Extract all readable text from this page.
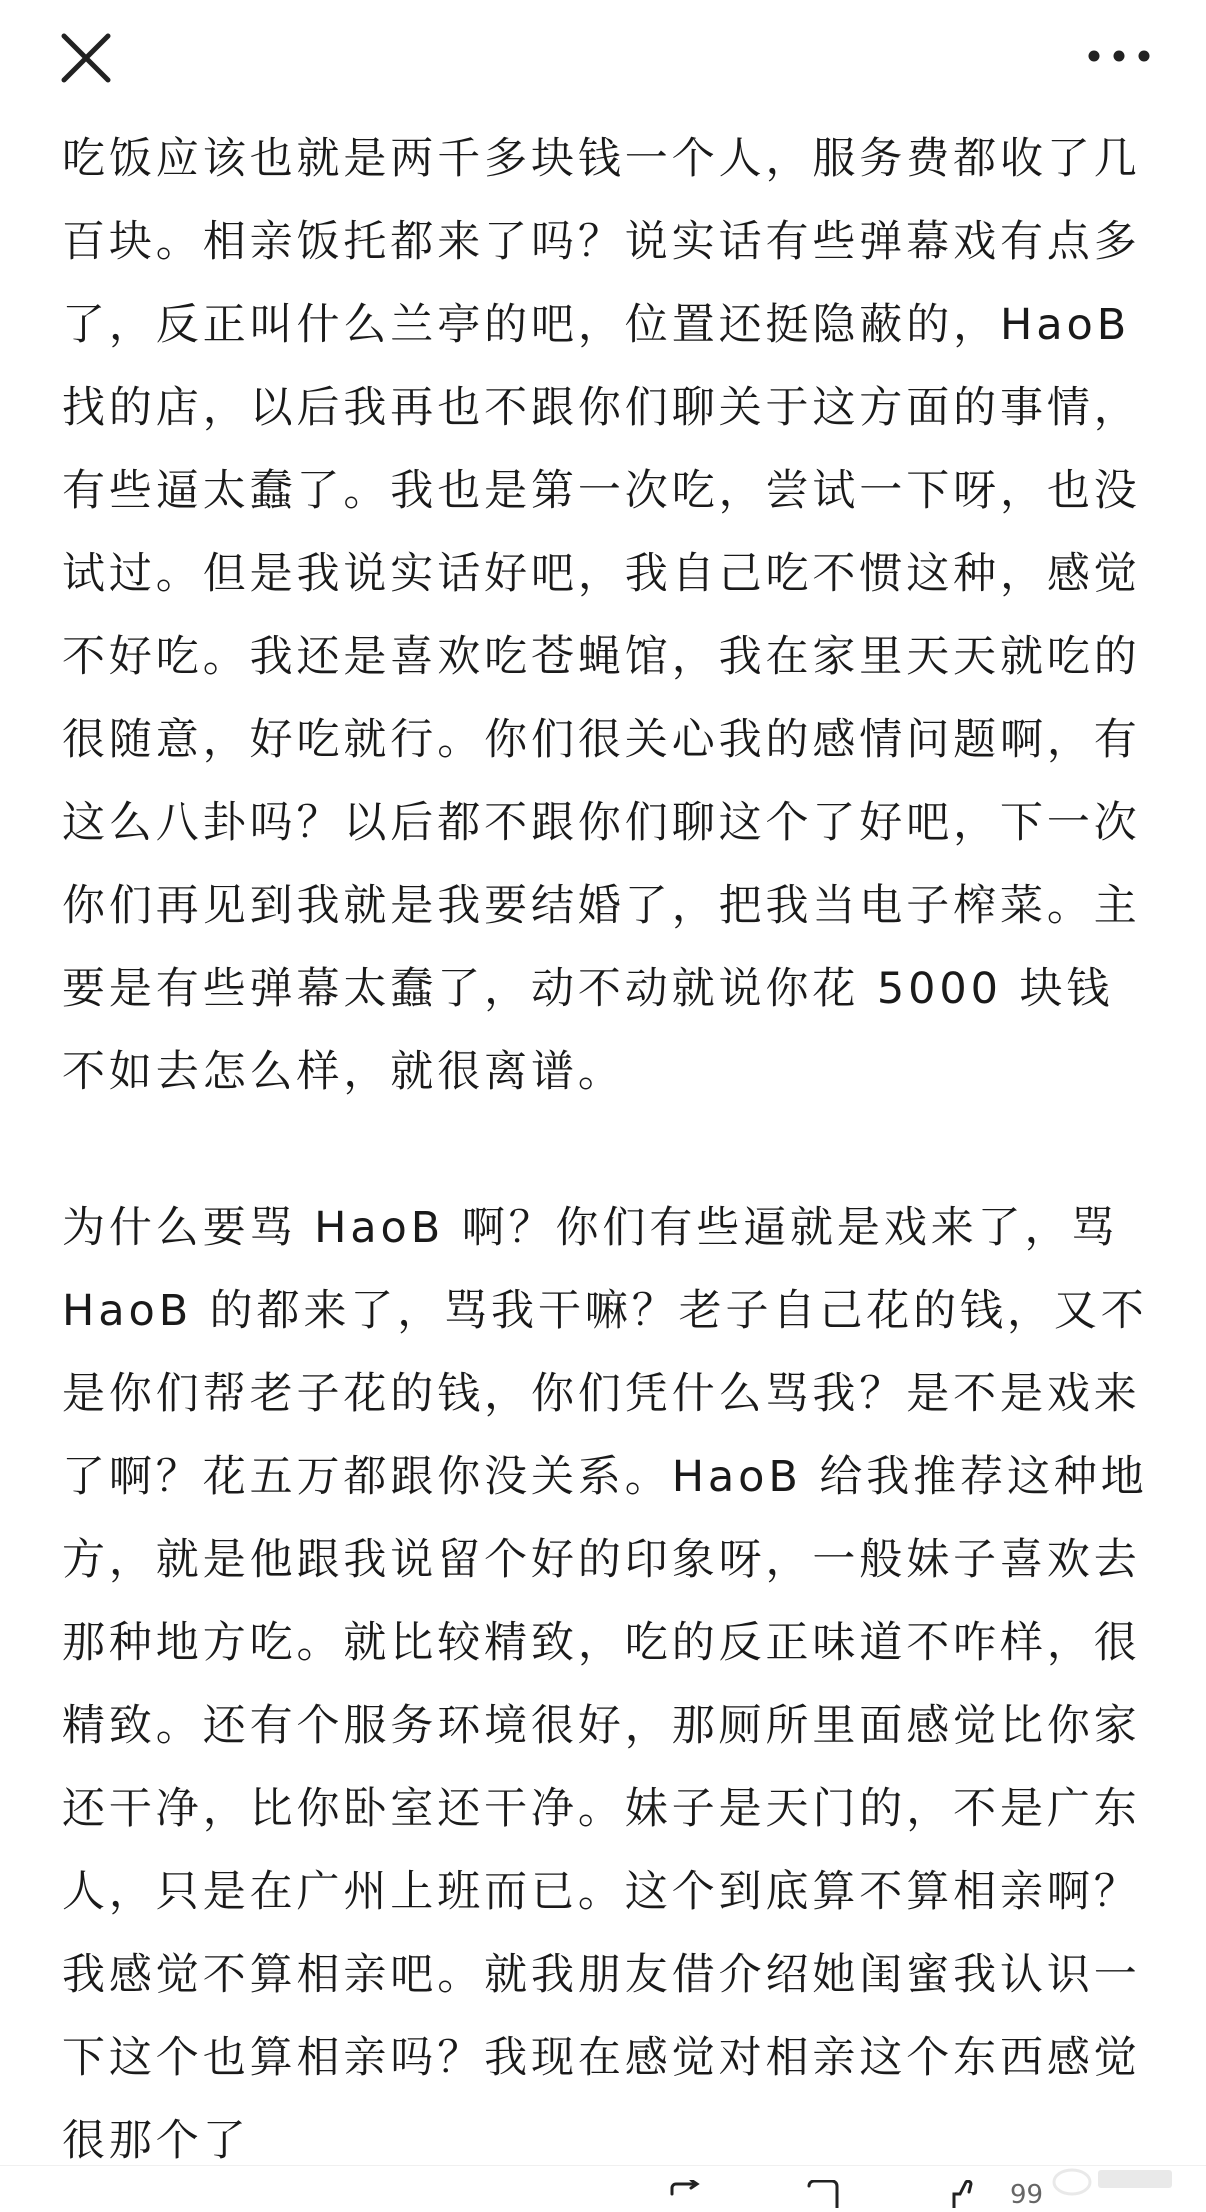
吃饭应该也就是两千多块钱一个人，服务费都收了几百块。相亲饭托都来了吗？说实话有些弹幕戏有点多了，反正叫什么兰亭的吧，位置还挺隐蔽的，HaoB 找的店，以后我再也不跟你们聊关于这方面的事情，有些逼太蠢了。我也是第一次吃，尝试一下呀，也没试过。但是我说实话好吧，我自己吃不惯这种，感觉不好吃。我还是喜欢吃苍蝇馆，我在家里天天就吃的很随意，好吃就行。你们很关心我的感情问题啊，有这么八卦吗？以后都不跟你们聊这个了好吧，下一次你们再见到我就是我要结婚了，把我当电子榨菜。主要是有些弹幕太蠢了，动不动就说你花 5000 块钱不如去怎么样，就很离谱。

为什么要骂 HaoB 啊？你们有些逼就是戏来了，骂 HaoB 的都来了，骂我干嘛？老子自己花的钱，又不是你们帮老子花的钱，你们凭什么骂我？是不是戏来了啊？花五万都跟你没关系。HaoB 给我推荐这种地方，就是他跟我说留个好的印象呀，一般妹子喜欢去那种地方吃。就比较精致，吃的反正味道不咋样，很精致。还有个服务环境很好，那厕所里面感觉比你家还干净，比你卧室还干净。妹子是天门的，不是广东人，只是在广州上班而已。这个到底算不算相亲啊？我感觉不算相亲吧。就我朋友借介绍她闺蜜我认识一下这个也算相亲吗？我现在感觉对相亲这个东西感觉很那个了

99
